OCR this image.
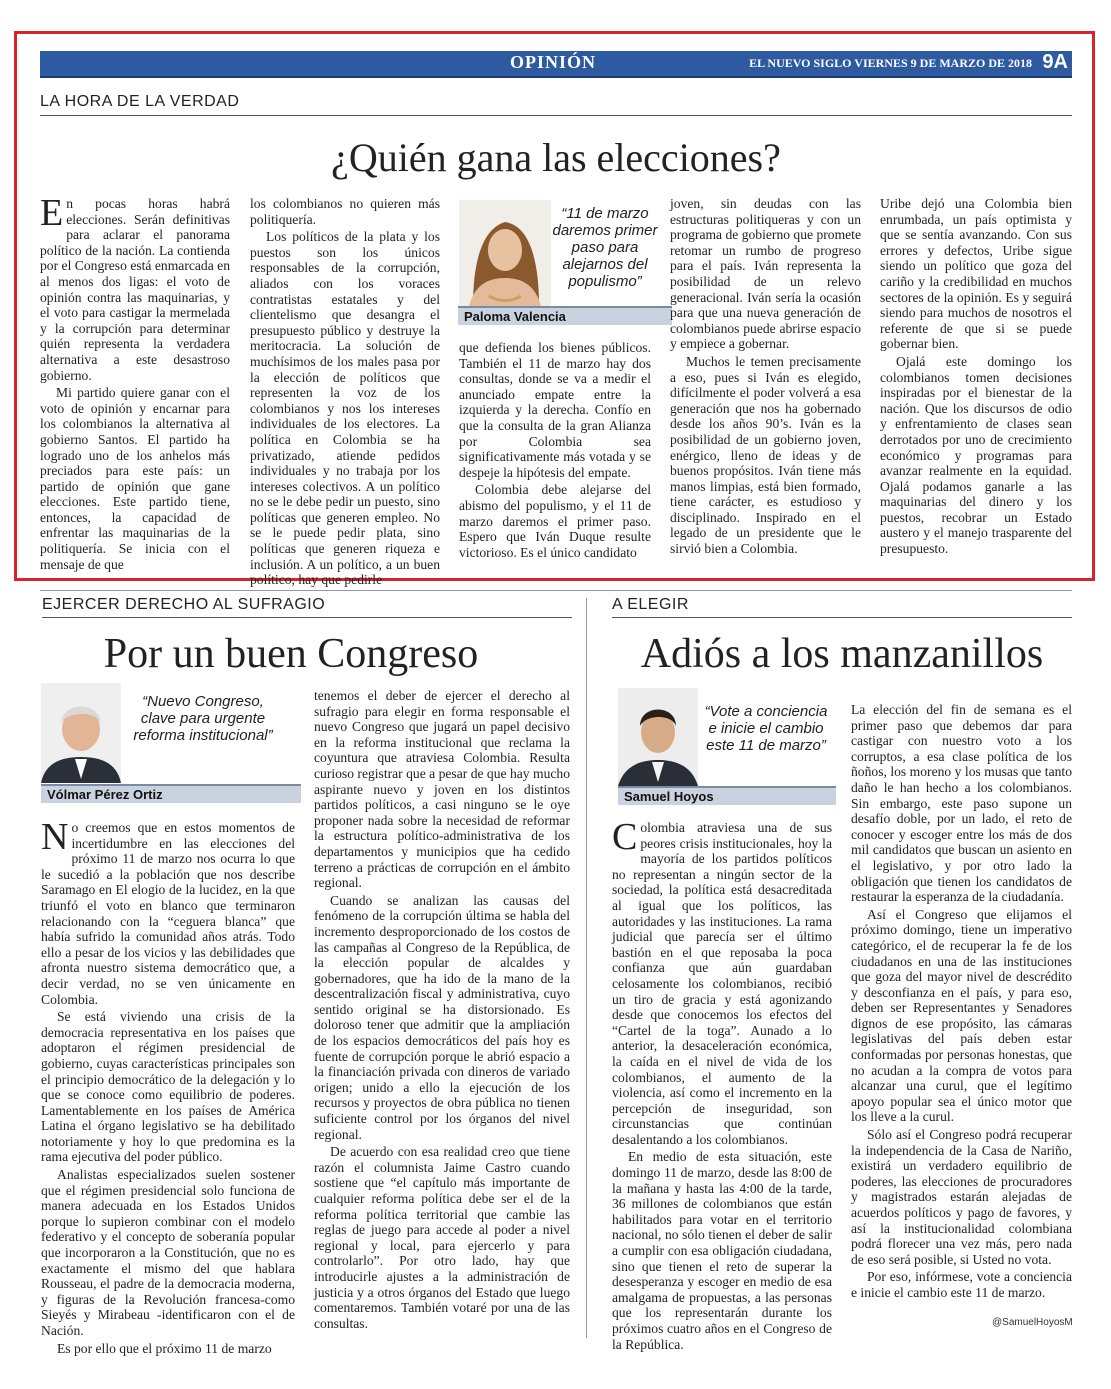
OPINIÓN	EL NUEVO SIGLO VIERNES 9 DE MARZO DE 2018 9A
LA HORA DE LA VERDAD
¿Quién gana las elecciones?

En pocas horas habrá elecciones. Serán definitivas para aclarar el panorama político de la nación. La contienda por el Congreso está enmarcada en al menos dos ligas: el voto de opinión contra las maquinarias, y el voto para castigar la mermelada y la corrupción para determinar quién representa la verdadera alternativa a este desastroso gobierno.

Mi partido quiere ganar con el voto de opinión y encarnar para los colombianos la alternativa al gobierno Santos. El partido ha logrado uno de los anhelos más preciados para este país: un partido de opinión que gane elecciones. Este partido tiene, entonces, la capacidad de enfrentar las maquinarias de la politiquería. Se inicia con el mensaje de que

los colombianos no quieren más politiquería.

Los políticos de la plata y los puestos son los únicos responsables de la corrupción, aliados con los voraces contratistas estatales y del clientelismo que desangra el presupuesto público y destruye la meritocracia. La solución de muchísimos de los males pasa por la elección de políticos que representen la voz de los colombianos y nos los intereses individuales de los electores. La política en Colombia se ha privatizado, atiende pedidos individuales y no trabaja por los intereses colectivos. A un político no se le debe pedir un puesto, sino políticas que generen empleo. No se le puede pedir plata, sino políticas que generen riqueza e inclusión. A un político, a un buen político, hay que pedirle

“11 de marzo daremos primer paso para alejarnos del populismo”
Paloma Valencia

que defienda los bienes públicos. También el 11 de marzo hay dos consultas, donde se va a medir el anunciado empate entre la izquierda y la derecha. Confío en que la consulta de la gran Alianza por Colombia sea significativamente más votada y se despeje la hipótesis del empate.

Colombia debe alejarse del abismo del populismo, y el 11 de marzo daremos el primer paso. Espero que Iván Duque resulte victorioso. Es el único candidato

joven, sin deudas con las estructuras politiqueras y con un programa de gobierno que promete retomar un rumbo de progreso para el país. Iván representa la posibilidad de un relevo generacional. Iván sería la ocasión para que una nueva generación de colombianos puede abrirse espacio y empiece a gobernar.

Muchos le temen precisamente a eso, pues si Iván es elegido, difícilmente el poder volverá a esa generación que nos ha gobernado desde los años 90’s. Iván es la posibilidad de un gobierno joven, enérgico, lleno de ideas y de buenos propósitos. Iván tiene más manos limpias, está bien formado, tiene carácter, es estudioso y disciplinado. Inspirado en el legado de un presidente que le sirvió bien a Colombia.

Uribe dejó una Colombia bien enrumbada, un país optimista y que se sentía avanzando. Con sus errores y defectos, Uribe sigue siendo un político que goza del cariño y la credibilidad en muchos sectores de la opinión. Es y seguirá siendo para muchos de nosotros el referente de que si se puede gobernar bien.

Ojalá este domingo los colombianos tomen decisiones inspiradas por el bienestar de la nación. Que los discursos de odio y enfrentamiento de clases sean derrotados por uno de crecimiento económico y programas para avanzar realmente en la equidad. Ojalá podamos ganarle a las maquinarias del dinero y los puestos, recobrar un Estado austero y el manejo trasparente del presupuesto.

EJERCER DERECHO AL SUFRAGIO
Por un buen Congreso
“Nuevo Congreso, clave para urgente reforma institucional”
Vólmar Pérez Ortiz

No creemos que en estos momentos de incertidumbre en las elecciones del próximo 11 de marzo nos ocurra lo que le sucedió a la población que nos describe Saramago en El elogio de la lucidez, en la que triunfó el voto en blanco que terminaron relacionando con la “ceguera blanca” que había sufrido la comunidad años atrás. Todo ello a pesar de los vicios y las debilidades que afronta nuestro sistema democrático que, a decir verdad, no se ven únicamente en Colombia.

Se está viviendo una crisis de la democracia representativa en los países que adoptaron el régimen presidencial de gobierno, cuyas características principales son el principio democrático de la delegación y lo que se conoce como equilibrio de poderes. Lamentablemente en los países de América Latina el órgano legislativo se ha debilitado notoriamente y hoy lo que predomina es la rama ejecutiva del poder público.

Analistas especializados suelen sostener que el régimen presidencial solo funciona de manera adecuada en los Estados Unidos porque lo supieron combinar con el modelo federativo y el concepto de soberanía popular que incorporaron a la Constitución, que no es exactamente el mismo del que hablara Rousseau, el padre de la democracia moderna, y figuras de la Revolución francesa-como Sieyés y Mirabeau -identificaron con el de Nación.

Es por ello que el próximo 11 de marzo

tenemos el deber de ejercer el derecho al sufragio para elegir en forma responsable el nuevo Congreso que jugará un papel decisivo en la reforma institucional que reclama la coyuntura que atraviesa Colombia. Resulta curioso registrar que a pesar de que hay mucho aspirante nuevo y joven en los distintos partidos políticos, a casi ninguno se le oye proponer nada sobre la necesidad de reformar la estructura político-administrativa de los departamentos y municipios que ha cedido terreno a prácticas de corrupción en el ámbito regional.

Cuando se analizan las causas del fenómeno de la corrupción última se habla del incremento desproporcionado de los costos de las campañas al Congreso de la República, de la elección popular de alcaldes y gobernadores, que ha ido de la mano de la descentralización fiscal y administrativa, cuyo sentido original se ha distorsionado. Es doloroso tener que admitir que la ampliación de los espacios democráticos del país hoy es fuente de corrupción porque le abrió espacio a la financiación privada con dineros de variado origen; unido a ello la ejecución de los recursos y proyectos de obra pública no tienen suficiente control por los órganos del nivel regional.

De acuerdo con esa realidad creo que tiene razón el columnista Jaime Castro cuando sostiene que “el capítulo más importante de cualquier reforma política debe ser el de la reforma política territorial que cambie las reglas de juego para accede al poder a nivel regional y local, para ejercerlo y para controlarlo”. Por otro lado, hay que introducirle ajustes a la administración de justicia y a otros órganos del Estado que luego comentaremos. También votaré por una de las consultas.

A ELEGIR
Adiós a los manzanillos
“Vote a conciencia e inicie el cambio este 11 de marzo”
Samuel Hoyos

Colombia atraviesa una de sus peores crisis institucionales, hoy la mayoría de los partidos políticos no representan a ningún sector de la sociedad, la política está desacreditada al igual que los políticos, las autoridades y las instituciones. La rama judicial que parecía ser el último bastión en el que reposaba la poca confianza que aún guardaban celosamente los colombianos, recibió un tiro de gracia y está agonizando desde que conocemos los efectos del “Cartel de la toga”. Aunado a lo anterior, la desaceleración económica, la caída en el nivel de vida de los colombianos, el aumento de la violencia, así como el incremento en la percepción de inseguridad, son circunstancias que continúan desalentando a los colombianos.

En medio de esta situación, este domingo 11 de marzo, desde las 8:00 de la mañana y hasta las 4:00 de la tarde, 36 millones de colombianos que están habilitados para votar en el territorio nacional, no sólo tienen el deber de salir a cumplir con esa obligación ciudadana, sino que tienen el reto de superar la desesperanza y escoger en medio de esa amalgama de propuestas, a las personas que los representarán durante los próximos cuatro años en el Congreso de la República.

La elección del fin de semana es el primer paso que debemos dar para castigar con nuestro voto a los corruptos, a esa clase política de los ñoños, los moreno y los musas que tanto daño le han hecho a los colombianos. Sin embargo, este paso supone un desafío doble, por un lado, el reto de conocer y escoger entre los más de dos mil candidatos que buscan un asiento en el legislativo, y por otro lado la obligación que tienen los candidatos de restaurar la esperanza de la ciudadanía.

Así el Congreso que elijamos el próximo domingo, tiene un imperativo categórico, el de recuperar la fe de los ciudadanos en una de las instituciones que goza del mayor nivel de descrédito y desconfianza en el país, y para eso, deben ser Representantes y Senadores dignos de ese propósito, las cámaras legislativas del país deben estar conformadas por personas honestas, que no acudan a la compra de votos para alcanzar una curul, que el legítimo apoyo popular sea el único motor que los lleve a la curul.

Sólo así el Congreso podrá recuperar la independencia de la Casa de Nariño, existirá un verdadero equilibrio de poderes, las elecciones de procuradores y magistrados estarán alejadas de acuerdos políticos y pago de favores, y así la institucionalidad colombiana podrá florecer una vez más, pero nada de eso será posible, si Usted no vota.

Por eso, infórmese, vote a conciencia e inicie el cambio este 11 de marzo.

@SamuelHoyosM
